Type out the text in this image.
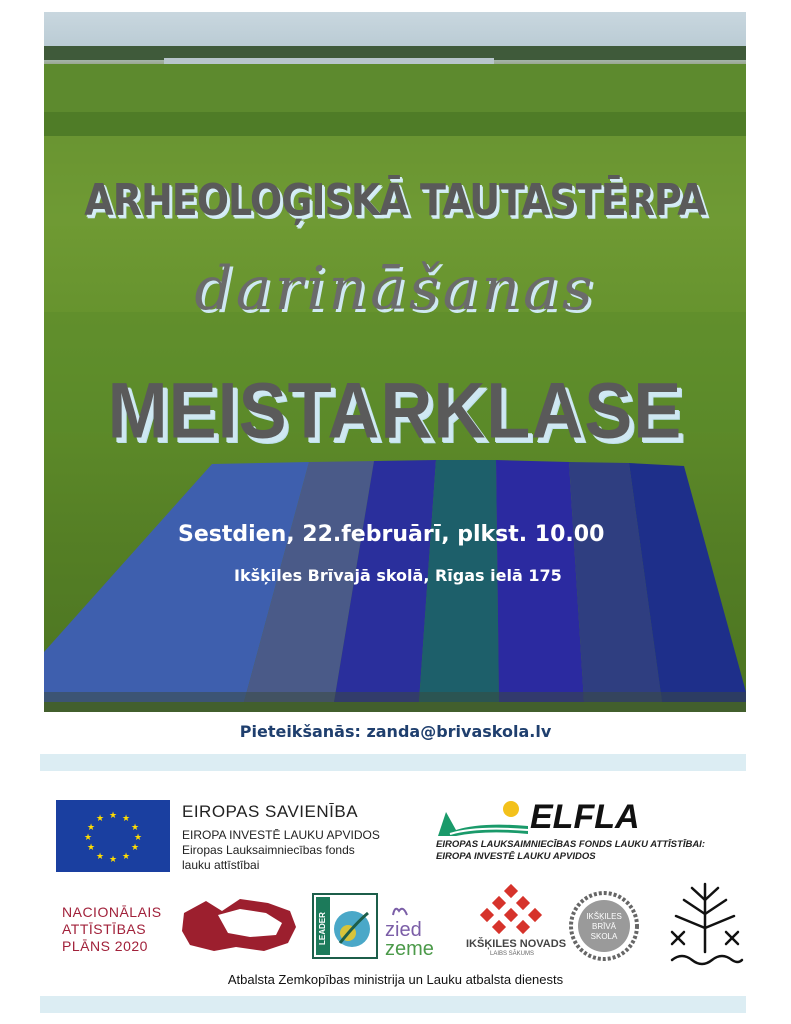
ARHEOLOĢISKĀ TAUTASTĒRPA

darināšanas

MEISTARKLASE

Sestdien, 22.februārī, plkst. 10.00

Ikšķiles Brīvajā skolā, Rīgas ielā 175

Pieteikšanās: zanda@brivaskola.lv
★ ★
★
★
★
★
★
★
★
★
★
★	EIROPAS SAVIENĪBA

EIROPA INVESTĒ LAUKU APVIDOS

Eiropas Lauksaimniecības fonds

lauku attīstībai

ELFLA

EIROPAS LAUKSAIMNIECĪBAS FONDS LAUKU ATTĪSTĪBAI:
EIROPA INVESTĒ LAUKU APVIDOS
NACIONĀLAIS
ATTĪSTĪBAS
PLĀNS 2020
LEADER	zied

zeme	IKŠĶILES NOVADS

LAIBS SĀKUMS

IKŠĶILES
BRĪVĀ
SKOLA

Atbalsta Zemkopības ministrija un Lauku atbalsta dienests
